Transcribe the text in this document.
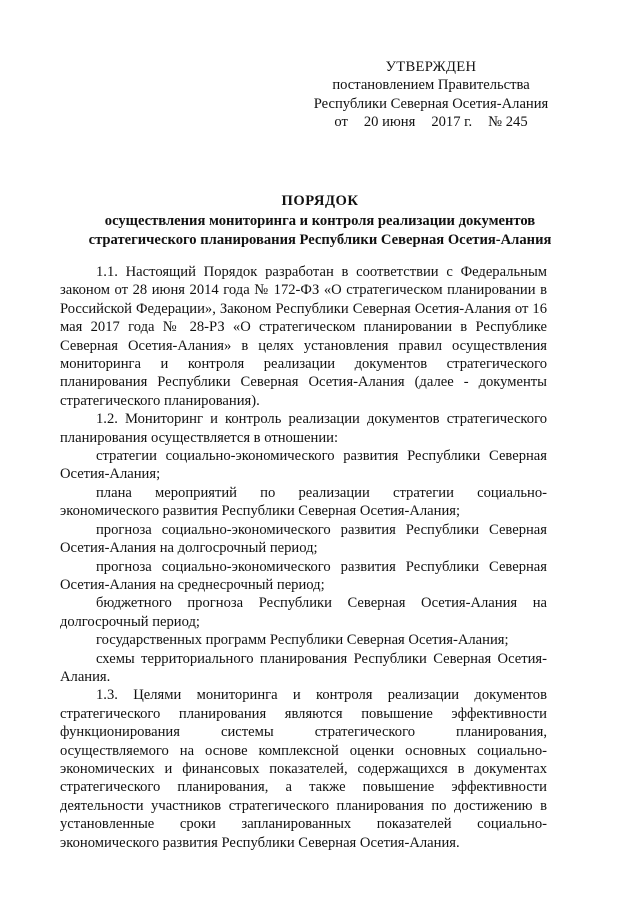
УТВЕРЖДЕН
постановлением Правительства
Республики Северная Осетия-Алания
от 20 июня 2017 г. № 245
ПОРЯДОК
осуществления мониторинга и контроля реализации документов
стратегического планирования Республики Северная Осетия-Алания

1.1. Настоящий Порядок разработан в соответствии с Федеральным законом от 28 июня 2014 года № 172-ФЗ «О стратегическом планировании в Российской Федерации», Законом Республики Северная Осетия-Алания от 16 мая 2017 года № 28-РЗ «О стратегическом планировании в Республике Северная Осетия-Алания» в целях установления правил осуществления мониторинга и контроля реализации документов стратегического планирования Республики Северная Осетия-Алания (далее - документы стратегического планирования).

1.2. Мониторинг и контроль реализации документов стратегического планирования осуществляется в отношении:

стратегии социально-экономического развития Республики Северная Осетия-Алания;

плана мероприятий по реализации стратегии социально-экономического развития Республики Северная Осетия-Алания;

прогноза социально-экономического развития Республики Северная Осетия-Алания на долгосрочный период;

прогноза социально-экономического развития Республики Северная Осетия-Алания на среднесрочный период;

бюджетного прогноза Республики Северная Осетия-Алания на долгосрочный период;

государственных программ Республики Северная Осетия-Алания;

схемы территориального планирования Республики Северная Осетия-Алания.

1.3. Целями мониторинга и контроля реализации документов стратегического планирования являются повышение эффективности функционирования системы стратегического планирования, осуществляемого на основе комплексной оценки основных социально-экономических и финансовых показателей, содержащихся в документах стратегического планирования, а также повышение эффективности деятельности участников стратегического планирования по достижению в установленные сроки запланированных показателей социально-экономического развития Республики Северная Осетия-Алания.
